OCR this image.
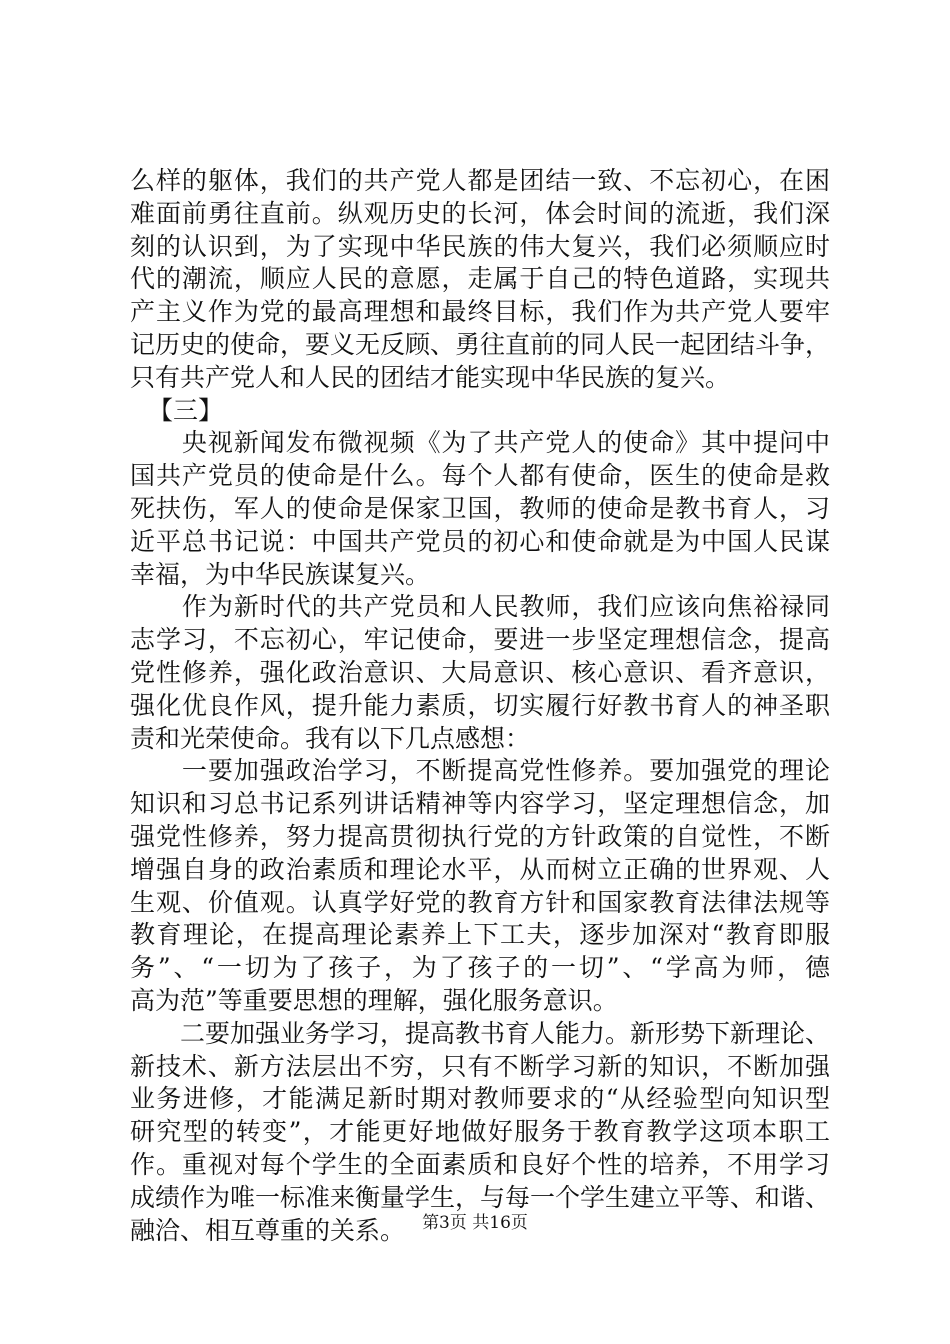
么样的躯体，我们的共产党人都是团结一致、不忘初心，在困
难面前勇往直前。纵观历史的长河，体会时间的流逝，我们深
刻的认识到，为了实现中华民族的伟大复兴，我们必须顺应时
代的潮流，顺应人民的意愿，走属于自己的特色道路，实现共
产主义作为党的最高理想和最终目标，我们作为共产党人要牢
记历史的使命，要义无反顾、勇往直前的同人民一起团结斗争，
只有共产党人和人民的团结才能实现中华民族的复兴。
【三】
　　央视新闻发布微视频《为了共产党人的使命》其中提问中
国共产党员的使命是什么。每个人都有使命，医生的使命是救
死扶伤，军人的使命是保家卫国，教师的使命是教书育人，习
近平总书记说：中国共产党员的初心和使命就是为中国人民谋
幸福，为中华民族谋复兴。
　　作为新时代的共产党员和人民教师，我们应该向焦裕禄同
志学习，不忘初心，牢记使命，要进一步坚定理想信念，提高
党性修养，强化政治意识、大局意识、核心意识、看齐意识，
强化优良作风，提升能力素质，切实履行好教书育人的神圣职
责和光荣使命。我有以下几点感想：
　　一要加强政治学习，不断提高党性修养。要加强党的理论
知识和习总书记系列讲话精神等内容学习，坚定理想信念，加
强党性修养，努力提高贯彻执行党的方针政策的自觉性，不断
增强自身的政治素质和理论水平，从而树立正确的世界观、人
生观、价值观。认真学好党的教育方针和国家教育法律法规等
教育理论，在提高理论素养上下工夫，逐步加深对“教育即服
务”、“一切为了孩子，为了孩子的一切”、“学高为师，德
高为范”等重要思想的理解，强化服务意识。
　　二要加强业务学习，提高教书育人能力。新形势下新理论、
新技术、新方法层出不穷，只有不断学习新的知识，不断加强
业务进修，才能满足新时期对教师要求的“从经验型向知识型
研究型的转变”，才能更好地做好服务于教育教学这项本职工
作。重视对每个学生的全面素质和良好个性的培养，不用学习
成绩作为唯一标准来衡量学生，与每一个学生建立平等、和谐、
融洽、相互尊重的关系。	第3页 共16页
